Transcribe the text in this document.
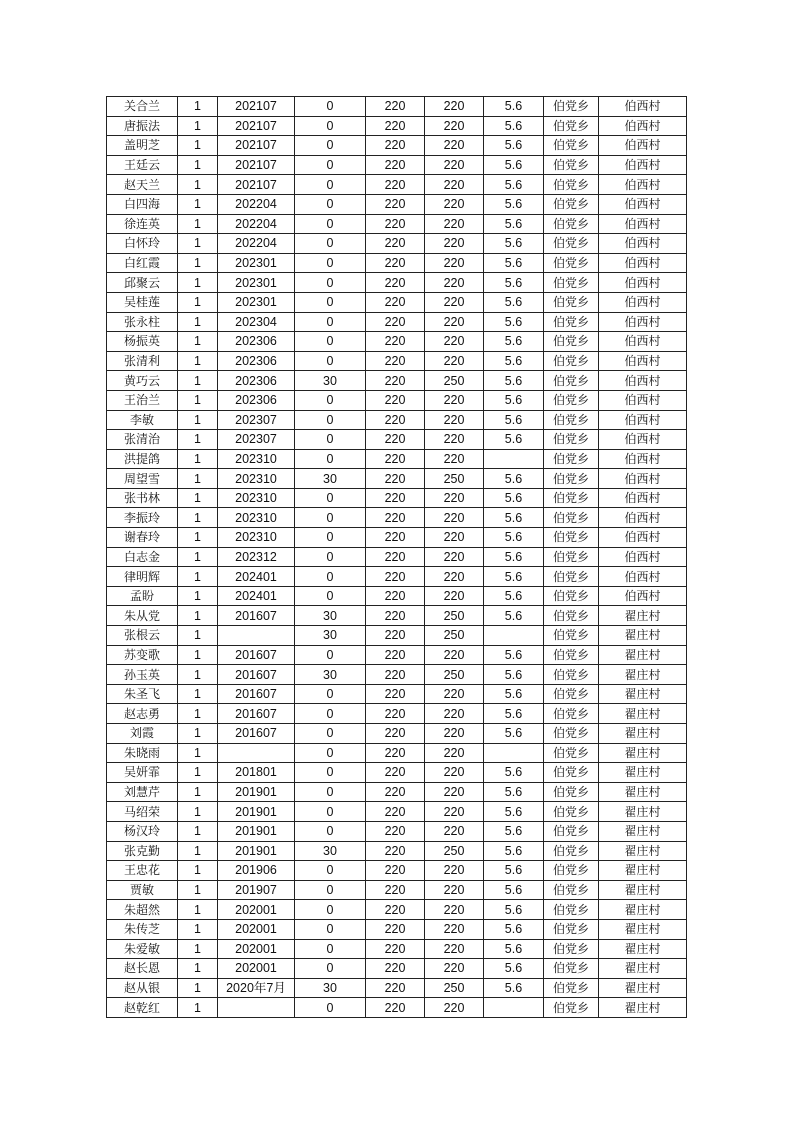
关合兰	1	202107	0	220	220	5.6	伯党乡	伯西村
唐振法	1	202107	0	220	220	5.6	伯党乡	伯西村
盖明芝	1	202107	0	220	220	5.6	伯党乡	伯西村
王廷云	1	202107	0	220	220	5.6	伯党乡	伯西村
赵天兰	1	202107	0	220	220	5.6	伯党乡	伯西村
白四海	1	202204	0	220	220	5.6	伯党乡	伯西村
徐连英	1	202204	0	220	220	5.6	伯党乡	伯西村
白怀玲	1	202204	0	220	220	5.6	伯党乡	伯西村
白红霞	1	202301	0	220	220	5.6	伯党乡	伯西村
邱聚云	1	202301	0	220	220	5.6	伯党乡	伯西村
吴桂莲	1	202301	0	220	220	5.6	伯党乡	伯西村
张永柱	1	202304	0	220	220	5.6	伯党乡	伯西村
杨振英	1	202306	0	220	220	5.6	伯党乡	伯西村
张清利	1	202306	0	220	220	5.6	伯党乡	伯西村
黄巧云	1	202306	30	220	250	5.6	伯党乡	伯西村
王治兰	1	202306	0	220	220	5.6	伯党乡	伯西村
李敏	1	202307	0	220	220	5.6	伯党乡	伯西村
张清治	1	202307	0	220	220	5.6	伯党乡	伯西村
洪提鸽	1	202310	0	220	220		伯党乡	伯西村
周望雪	1	202310	30	220	250	5.6	伯党乡	伯西村
张书林	1	202310	0	220	220	5.6	伯党乡	伯西村
李振玲	1	202310	0	220	220	5.6	伯党乡	伯西村
谢春玲	1	202310	0	220	220	5.6	伯党乡	伯西村
白志金	1	202312	0	220	220	5.6	伯党乡	伯西村
律明辉	1	202401	0	220	220	5.6	伯党乡	伯西村
孟盼	1	202401	0	220	220	5.6	伯党乡	伯西村
朱从党	1	201607	30	220	250	5.6	伯党乡	翟庄村
张根云	1		30	220	250		伯党乡	翟庄村
苏变歌	1	201607	0	220	220	5.6	伯党乡	翟庄村
孙玉英	1	201607	30	220	250	5.6	伯党乡	翟庄村
朱圣飞	1	201607	0	220	220	5.6	伯党乡	翟庄村
赵志勇	1	201607	0	220	220	5.6	伯党乡	翟庄村
刘霞	1	201607	0	220	220	5.6	伯党乡	翟庄村
朱晓雨	1		0	220	220		伯党乡	翟庄村
吴妍霏	1	201801	0	220	220	5.6	伯党乡	翟庄村
刘慧芹	1	201901	0	220	220	5.6	伯党乡	翟庄村
马绍荣	1	201901	0	220	220	5.6	伯党乡	翟庄村
杨汉玲	1	201901	0	220	220	5.6	伯党乡	翟庄村
张克勤	1	201901	30	220	250	5.6	伯党乡	翟庄村
王忠花	1	201906	0	220	220	5.6	伯党乡	翟庄村
贾敏	1	201907	0	220	220	5.6	伯党乡	翟庄村
朱超然	1	202001	0	220	220	5.6	伯党乡	翟庄村
朱传芝	1	202001	0	220	220	5.6	伯党乡	翟庄村
朱爱敏	1	202001	0	220	220	5.6	伯党乡	翟庄村
赵长恩	1	202001	0	220	220	5.6	伯党乡	翟庄村
赵从银	1	2020年7月	30	220	250	5.6	伯党乡	翟庄村
赵乾红	1		0	220	220		伯党乡	翟庄村
